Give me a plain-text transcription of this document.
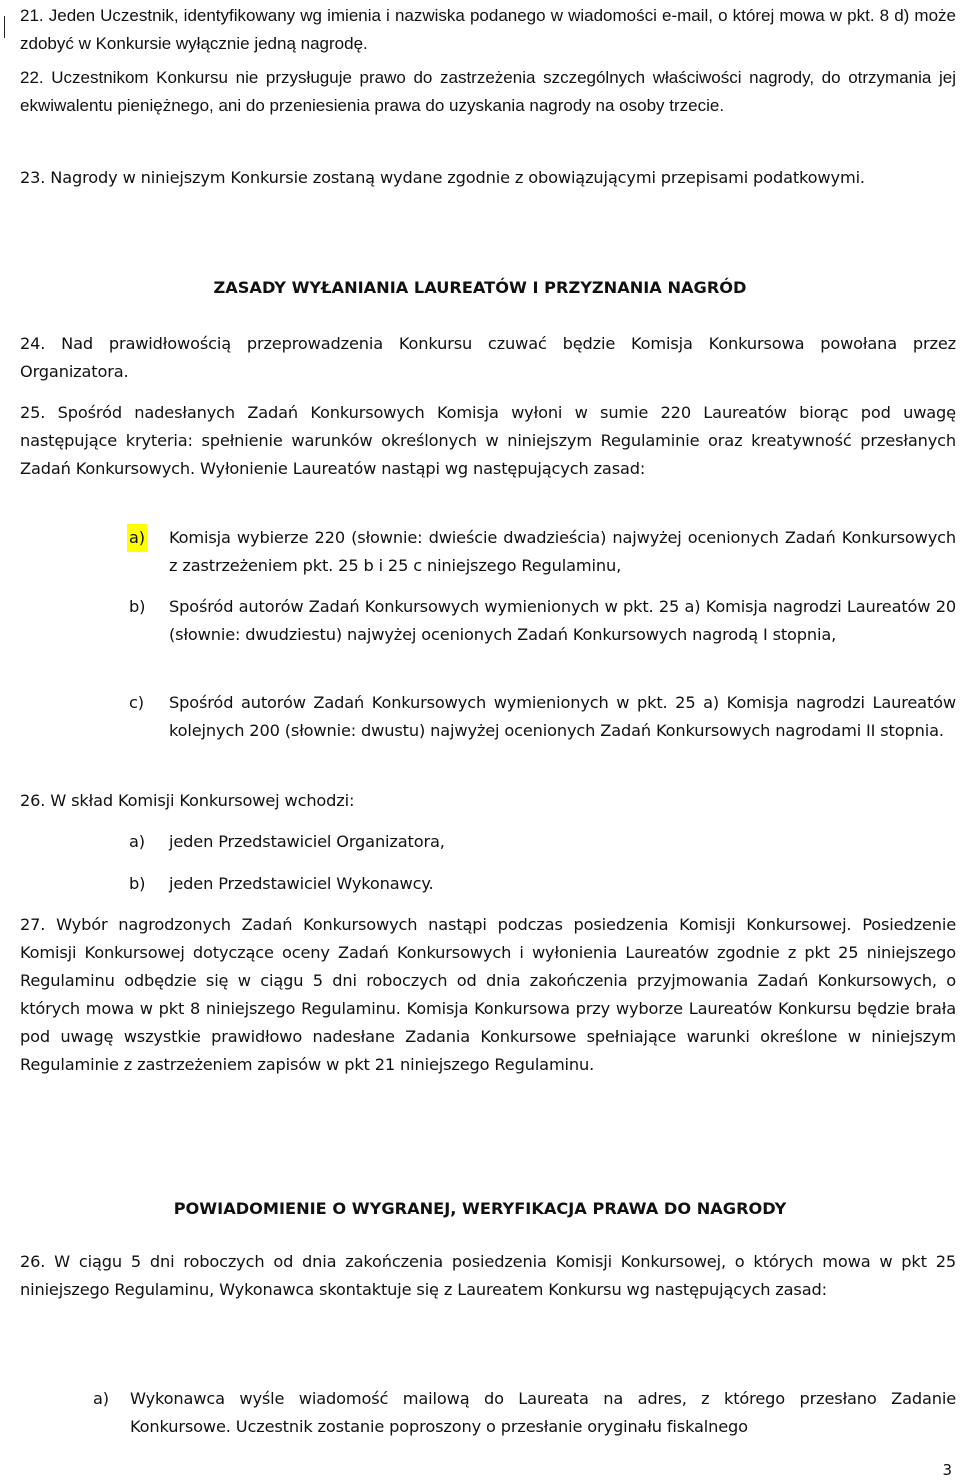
21. Jeden Uczestnik, identyfikowany wg imienia i nazwiska podanego w wiadomości e-mail, o której mowa w pkt. 8 d) może zdobyć w Konkursie wyłącznie jedną nagrodę.

22. Uczestnikom Konkursu nie przysługuje prawo do zastrzeżenia szczególnych właściwości nagrody, do otrzymania jej ekwiwalentu pieniężnego, ani do przeniesienia prawa do uzyskania nagrody na osoby trzecie.

23. Nagrody w niniejszym Konkursie zostaną wydane zgodnie z obowiązującymi przepisami podatkowymi.

ZASADY WYŁANIANIA LAUREATÓW I PRZYZNANIA NAGRÓD

24. Nad prawidłowością przeprowadzenia Konkursu czuwać będzie Komisja Konkursowa powołana przez Organizatora.

25. Spośród nadesłanych Zadań Konkursowych Komisja wyłoni w sumie 220 Laureatów biorąc pod uwagę następujące kryteria: spełnienie warunków określonych w niniejszym Regulaminie oraz kreatywność przesłanych Zadań Konkursowych. Wyłonienie Laureatów nastąpi wg następujących zasad:

a) Komisja wybierze 220 (słownie: dwieście dwadzieścia) najwyżej ocenionych Zadań Konkursowych z zastrzeżeniem pkt. 25 b i 25 c niniejszego Regulaminu,
b) Spośród autorów Zadań Konkursowych wymienionych w pkt. 25 a) Komisja nagrodzi Laureatów 20 (słownie: dwudziestu) najwyżej ocenionych Zadań Konkursowych nagrodą I stopnia,
c) Spośród autorów Zadań Konkursowych wymienionych w pkt. 25 a) Komisja nagrodzi Laureatów kolejnych 200 (słownie: dwustu) najwyżej ocenionych Zadań Konkursowych nagrodami II stopnia.

26. W skład Komisji Konkursowej wchodzi:

a) jeden Przedstawiciel Organizatora,
b) jeden Przedstawiciel Wykonawcy.

27. Wybór nagrodzonych Zadań Konkursowych nastąpi podczas posiedzenia Komisji Konkursowej. Posiedzenie Komisji Konkursowej dotyczące oceny Zadań Konkursowych i wyłonienia Laureatów zgodnie z pkt 25 niniejszego Regulaminu odbędzie się w ciągu 5 dni roboczych od dnia zakończenia przyjmowania Zadań Konkursowych, o których mowa w pkt 8 niniejszego Regulaminu. Komisja Konkursowa przy wyborze Laureatów Konkursu będzie brała pod uwagę wszystkie prawidłowo nadesłane Zadania Konkursowe spełniające warunki określone w niniejszym Regulaminie z zastrzeżeniem zapisów w pkt 21 niniejszego Regulaminu.

POWIADOMIENIE O WYGRANEJ, WERYFIKACJA PRAWA DO NAGRODY

26. W ciągu 5 dni roboczych od dnia zakończenia posiedzenia Komisji Konkursowej, o których mowa w pkt 25 niniejszego Regulaminu, Wykonawca skontaktuje się z Laureatem Konkursu wg następujących zasad:

a) Wykonawca wyśle wiadomość mailową do Laureata na adres, z którego przesłano Zadanie Konkursowe. Uczestnik zostanie poproszony o przesłanie oryginału fiskalnego
3
